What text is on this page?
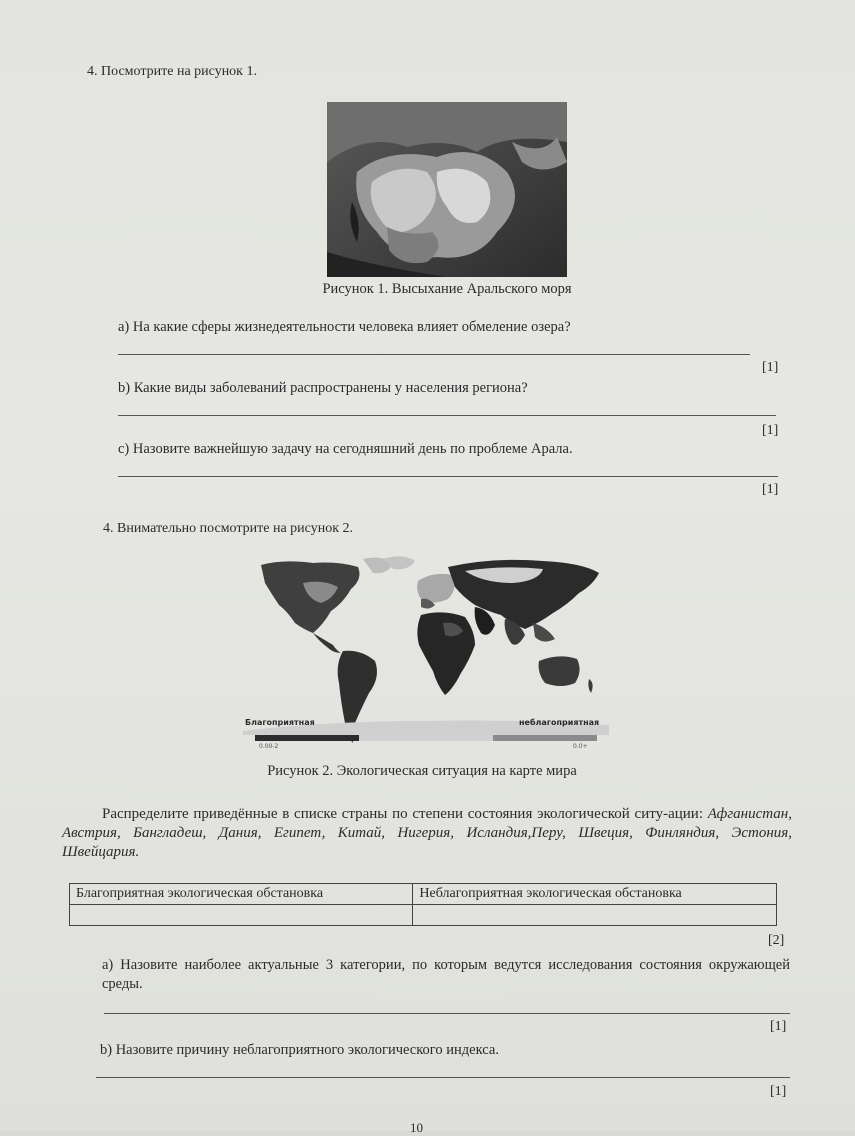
4. Посмотрите на рисунок 1.
Рисунок 1. Высыхание Аральского моря
а) На какие сферы жизнедеятельности человека влияет обмеление озера?
[1]
b) Какие виды заболеваний распространены у населения региона?
[1]
с) Назовите важнейшую задачу на сегодняшний день по проблеме Арала.
[1]
4. Внимательно посмотрите на рисунок 2.
Благоприятная	неблагоприятная
0.00-2	0.0+
Рисунок 2. Экологическая ситуация на карте мира
Распределите приведённые в списке страны по степени состояния экологической ситу-ации: Афганистан, Австрия, Бангладеш, Дания, Египет, Китай, Нигерия, Исландия,Перу, Швеция, Финляндия, Эстония, Швейцария.
Благоприятная экологическая обстановка	Неблагоприятная экологическая обстановка

[2]
а) Назовите наиболее актуальные 3 категории, по которым ведутся исследования состояния окружающей среды.
[1]
b) Назовите причину неблагоприятного экологического индекса.
[1]
10
